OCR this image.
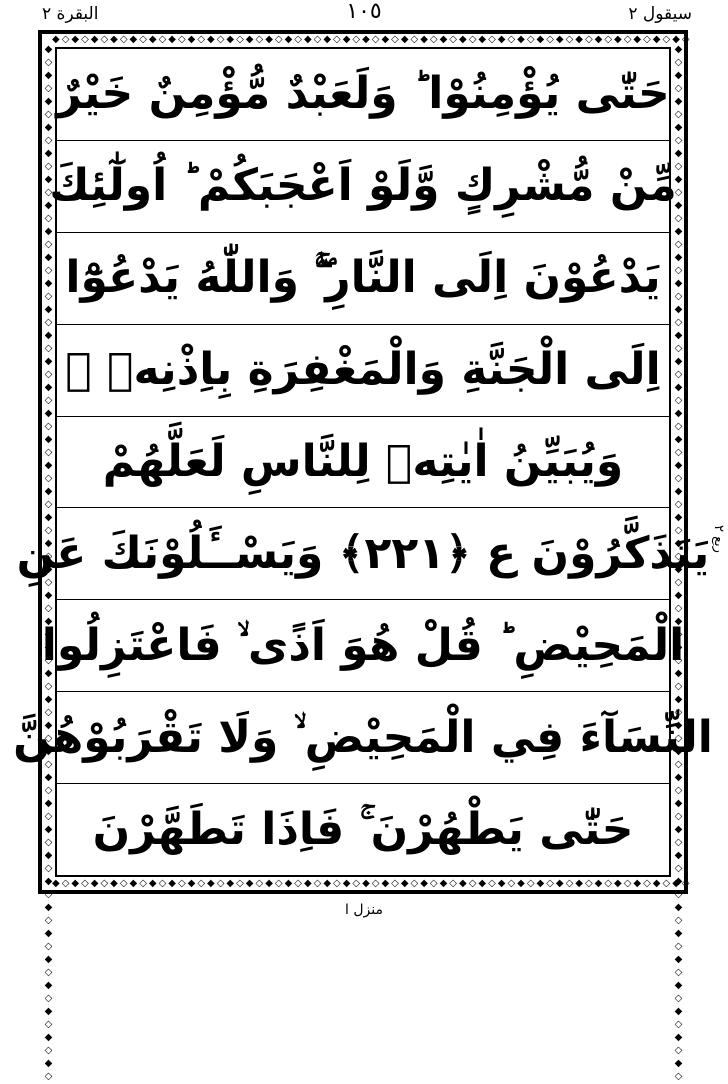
البقرة ٢	١٠٥	سيقول ٢
◆◇◆◇◆◇◆◇◆◇◆◇◆◇◆◇◆◇◆◇◆◇◆◇◆◇◆◇◆◇◆◇◆◇◆◇◆◇◆◇◆◇◆◇◆◇◆◇◆◇◆◇◆◇◆◇◆◇◆◇◆◇◆◇◆◇
◆◇◆◇◆◇◆◇◆◇◆◇◆◇◆◇◆◇◆◇◆◇◆◇◆◇◆◇◆◇◆◇◆◇◆◇◆◇◆◇◆◇◆◇◆◇◆◇◆◇◆◇◆◇◆◇◆◇◆◇◆◇◆◇◆◇
◆◇◆◇◆◇◆◇◆◇◆◇◆◇◆◇◆◇◆◇◆◇◆◇◆◇◆◇◆◇◆◇◆◇◆◇◆◇◆◇◆◇◆◇◆◇◆◇◆◇◆◇◆◇◆◇◆◇◆◇◆◇◆◇◆◇◆◇◆◇◆◇◆◇◆◇◆◇◆◇	◆◇◆◇◆◇◆◇◆◇◆◇◆◇◆◇◆◇◆◇◆◇◆◇◆◇◆◇◆◇◆◇◆◇◆◇◆◇◆◇◆◇◆◇◆◇◆◇◆◇◆◇◆◇◆◇◆◇◆◇◆◇◆◇◆◇◆◇◆◇◆◇◆◇◆◇◆◇◆◇
حَتّٰى يُؤْمِنُوْا ؕ وَلَعَبْدٌ مُّؤْمِنٌ خَيْرٌ
مِّنْ مُّشْرِكٍ وَّلَوْ اَعْجَبَكُمْ ؕ اُولٰٓئِكَ
يَدْعُوْنَ اِلَى النَّارِ ۖۚ وَاللّٰهُ يَدْعُوْٓا
اِلَى الْجَنَّةِ وَالْمَغْفِرَةِ بِاِذْنِهٖ ۚ
وَيُبَيِّنُ اٰيٰتِهٖ لِلنَّاسِ لَعَلَّهُمْ
يَتَذَكَّرُوْنَ ع ﴿٢٢١﴾ وَيَسْــَٔلُوْنَكَ عَنِ
الْمَحِيْضِ ؕ قُلْ هُوَ اَذًى ۙ فَاعْتَزِلُوا
النِّسَآءَ فِي الْمَحِيْضِ ۙ وَلَا تَقْرَبُوْهُنَّ
حَتّٰى يَطْهُرْنَ ۚ فَاِذَا تَطَهَّرْنَ
ربع ٢
منزل ا
